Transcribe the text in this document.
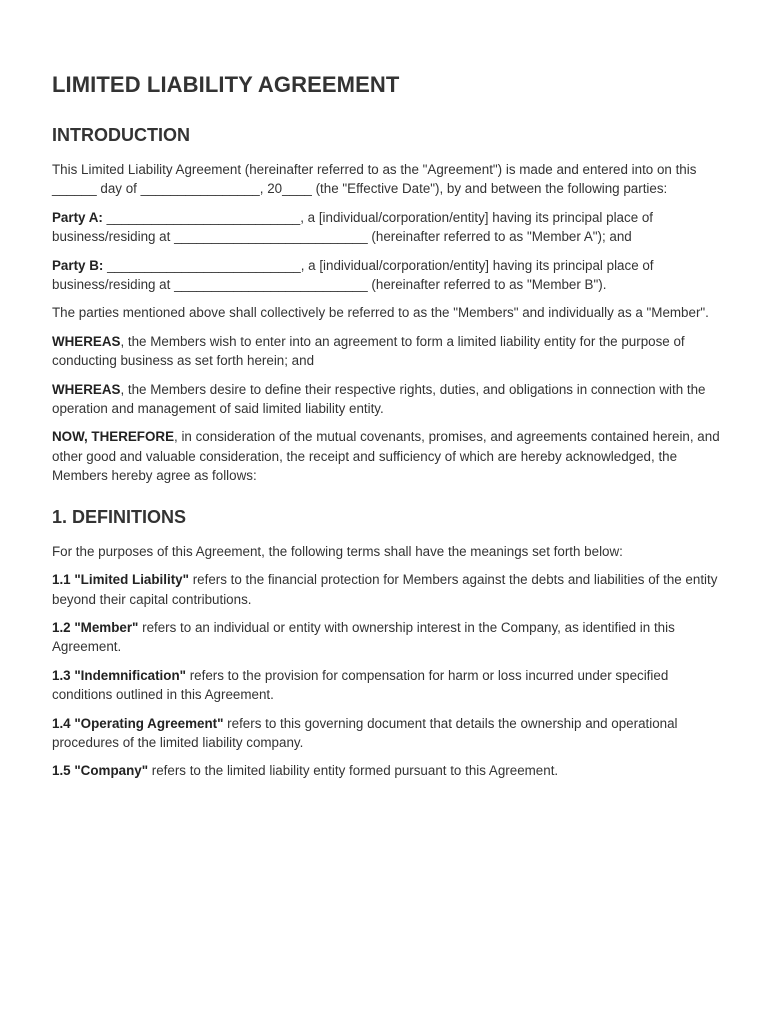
LIMITED LIABILITY AGREEMENT
INTRODUCTION

This Limited Liability Agreement (hereinafter referred to as the "Agreement") is made and entered into on this ______ day of ________________, 20____ (the "Effective Date"), by and between the following parties:

Party A: __________________________, a [individual/corporation/entity] having its principal place of business/residing at __________________________ (hereinafter referred to as "Member A"); and

Party B: __________________________, a [individual/corporation/entity] having its principal place of business/residing at __________________________ (hereinafter referred to as "Member B").

The parties mentioned above shall collectively be referred to as the "Members" and individually as a "Member".

WHEREAS, the Members wish to enter into an agreement to form a limited liability entity for the purpose of conducting business as set forth herein; and

WHEREAS, the Members desire to define their respective rights, duties, and obligations in connection with the operation and management of said limited liability entity.

NOW, THEREFORE, in consideration of the mutual covenants, promises, and agreements contained herein, and other good and valuable consideration, the receipt and sufficiency of which are hereby acknowledged, the Members hereby agree as follows:

1. DEFINITIONS

For the purposes of this Agreement, the following terms shall have the meanings set forth below:

1.1 "Limited Liability" refers to the financial protection for Members against the debts and liabilities of the entity beyond their capital contributions.

1.2 "Member" refers to an individual or entity with ownership interest in the Company, as identified in this Agreement.

1.3 "Indemnification" refers to the provision for compensation for harm or loss incurred under specified conditions outlined in this Agreement.

1.4 "Operating Agreement" refers to this governing document that details the ownership and operational procedures of the limited liability company.

1.5 "Company" refers to the limited liability entity formed pursuant to this Agreement.
